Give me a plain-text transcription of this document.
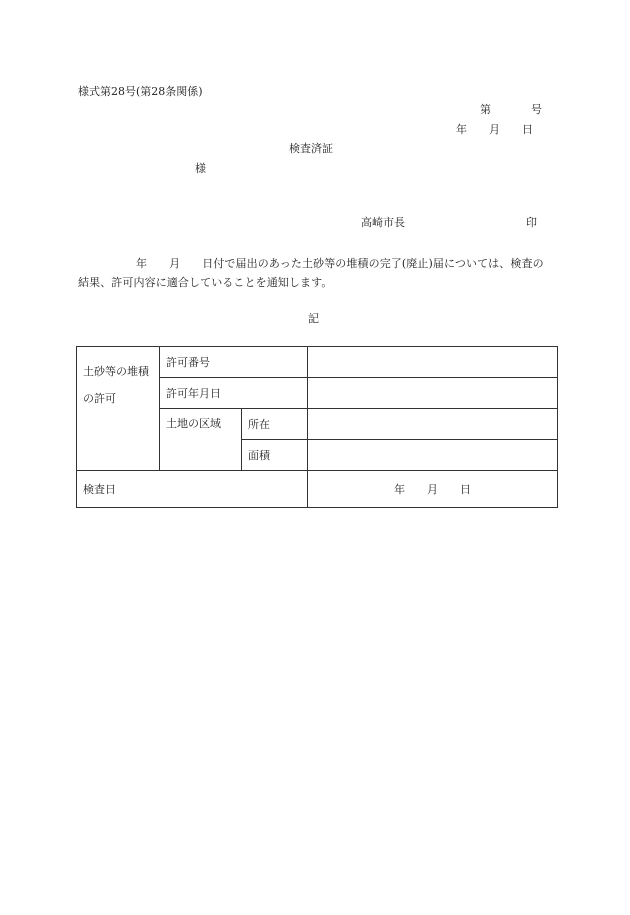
様式第28号(第28条関係)
第	号
年 月 日
検査済証
様
高崎市長	印
年 月 日付で届出のあった土砂等の堆積の完了(廃止)届については、検査の結果、許可内容に適合していることを通知します。
記
土砂等の堆積
の許可	許可番号		
	許可年月日		
	土地の区域	所在	
		面積	
検査日			年 月 日
